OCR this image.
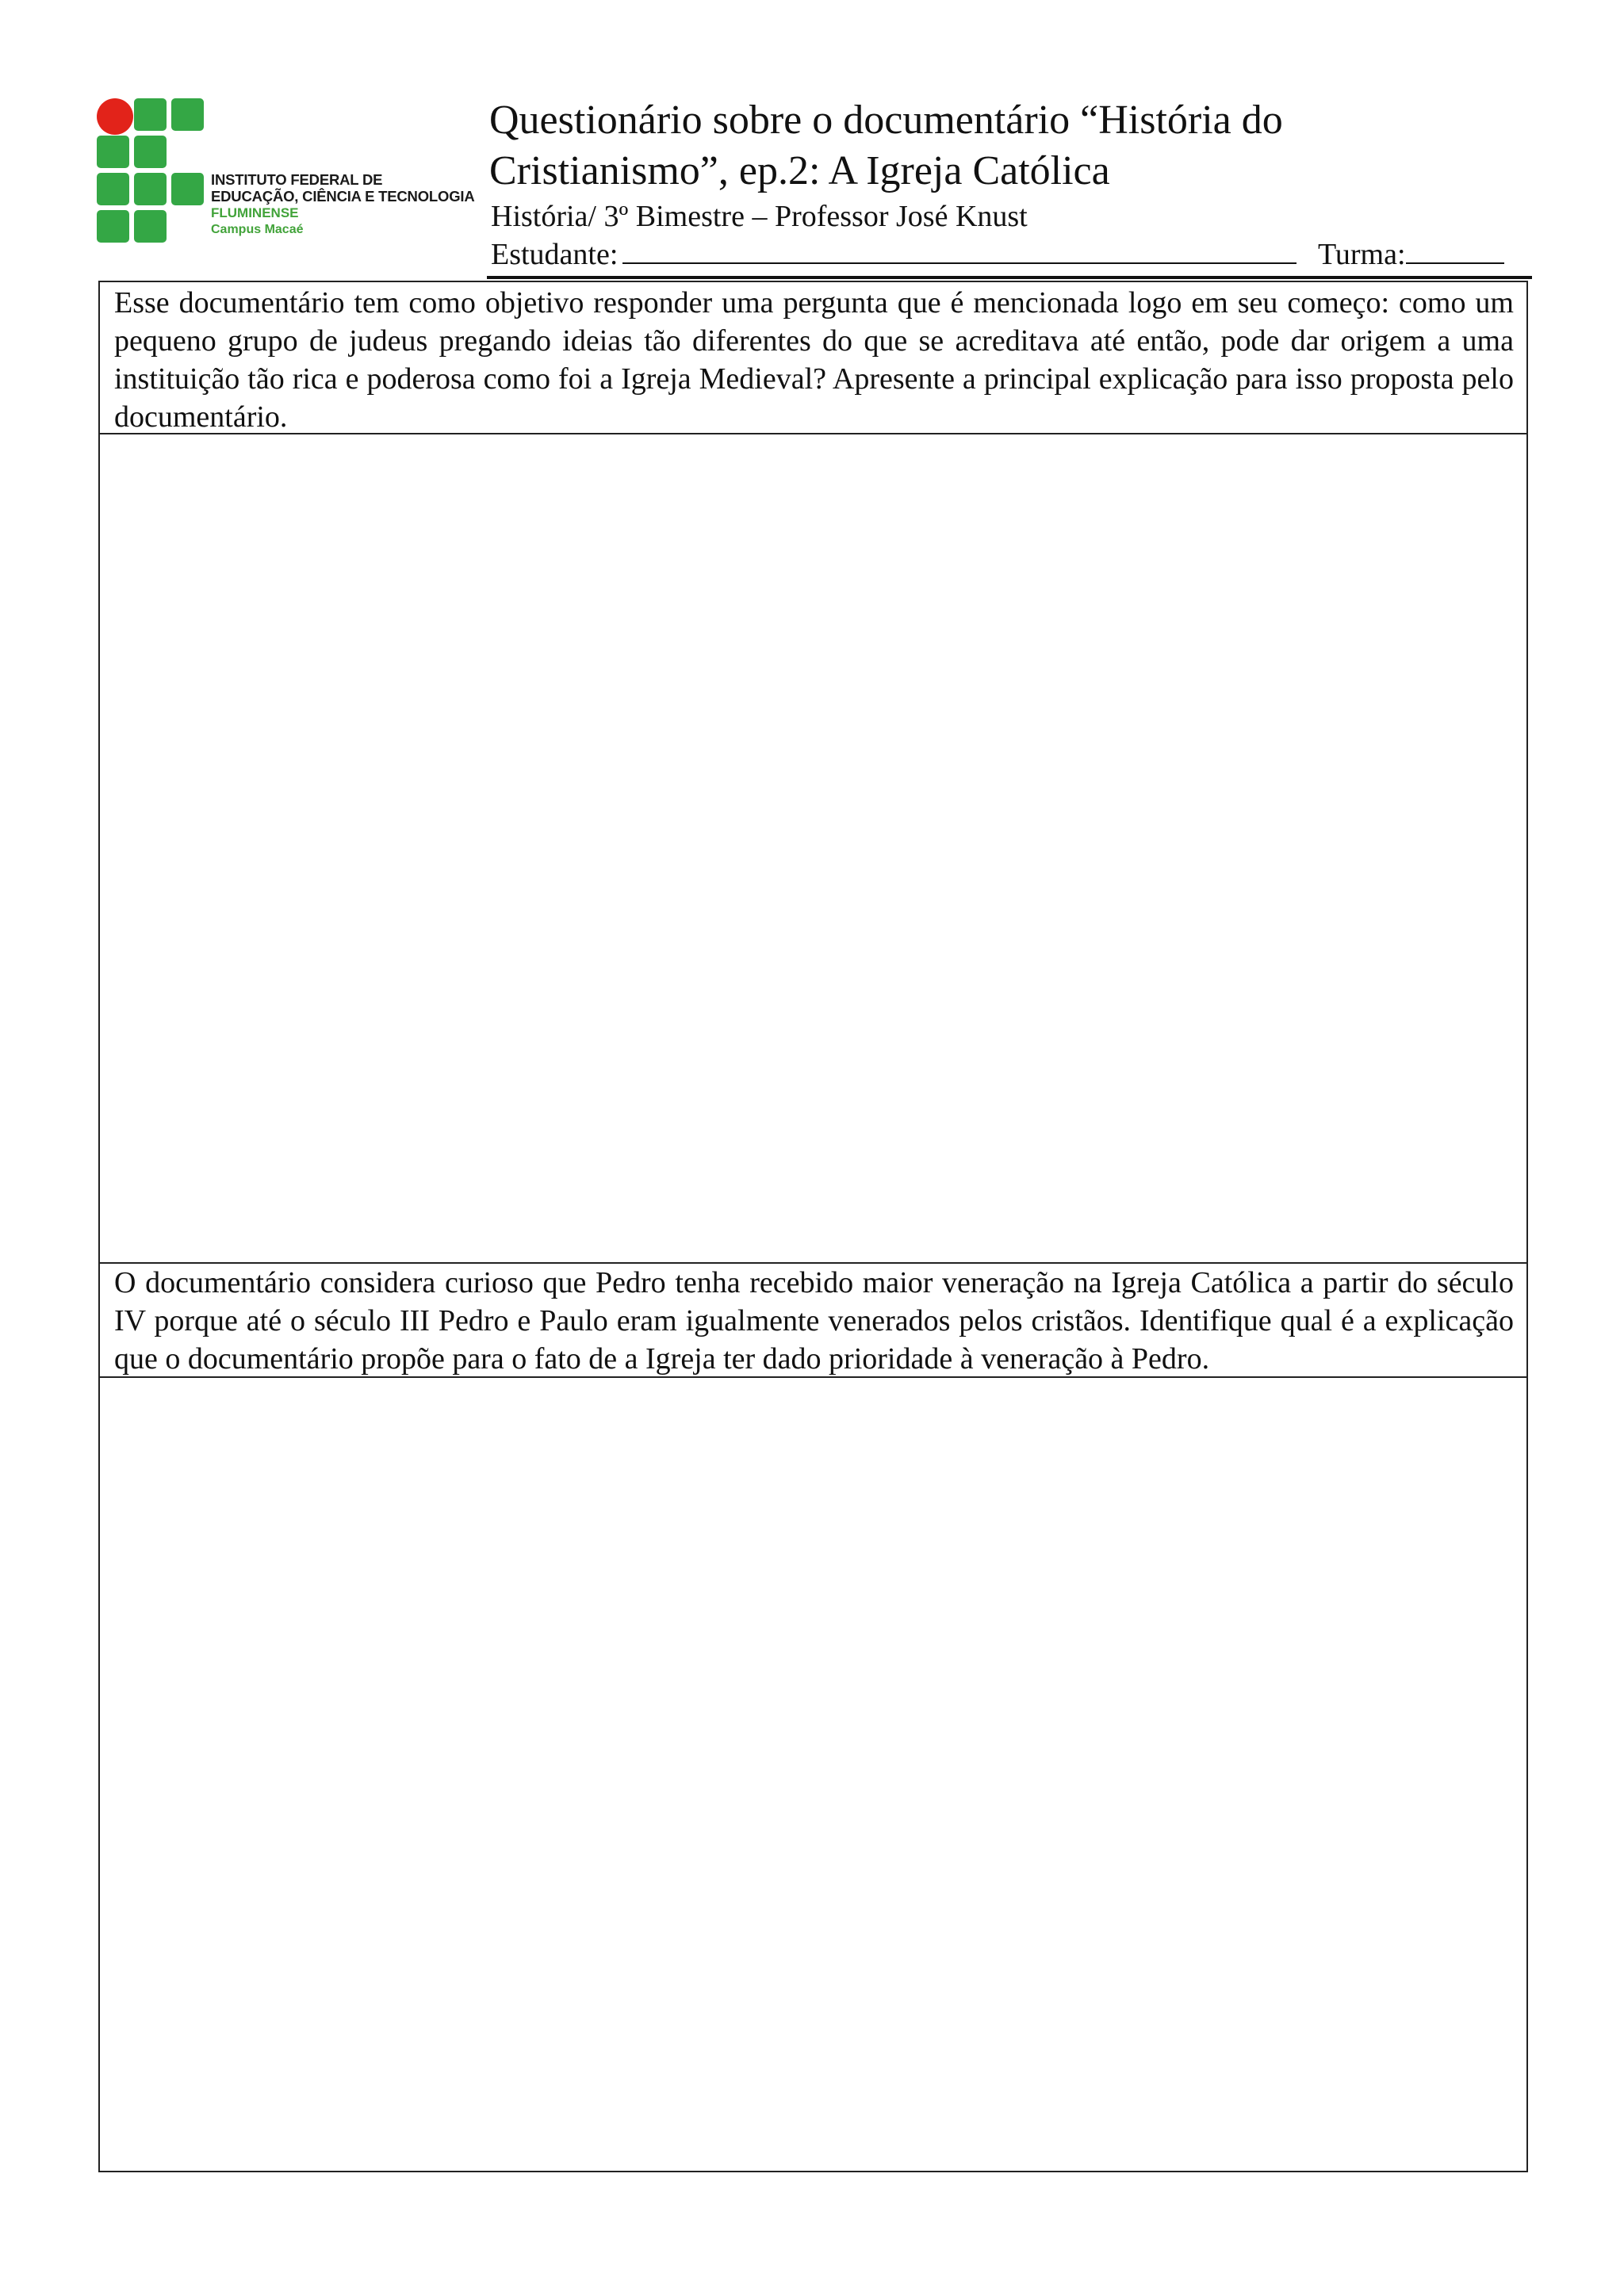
INSTITUTO FEDERAL DE
EDUCAÇÃO, CIÊNCIA E TECNOLOGIA
FLUMINENSE
Campus Macaé
Questionário sobre o documentário “História do Cristianismo”, ep.2: A Igreja Católica
História/ 3º Bimestre – Professor José Knust
Estudante:	Turma:
Esse documentário tem como objetivo responder uma pergunta que é mencionada logo em seu começo: como um pequeno grupo de judeus pregando ideias tão diferentes do que se acreditava até então, pode dar origem a uma instituição tão rica e poderosa como foi a Igreja Medieval? Apresente a principal explicação para isso proposta pelo documentário.
O documentário considera curioso que Pedro tenha recebido maior veneração na Igreja Católica a partir do século IV porque até o século III Pedro e Paulo eram igualmente venerados pelos cristãos. Identifique qual é a explicação que o documentário propõe para o fato de a Igreja ter dado prioridade à veneração à Pedro.
